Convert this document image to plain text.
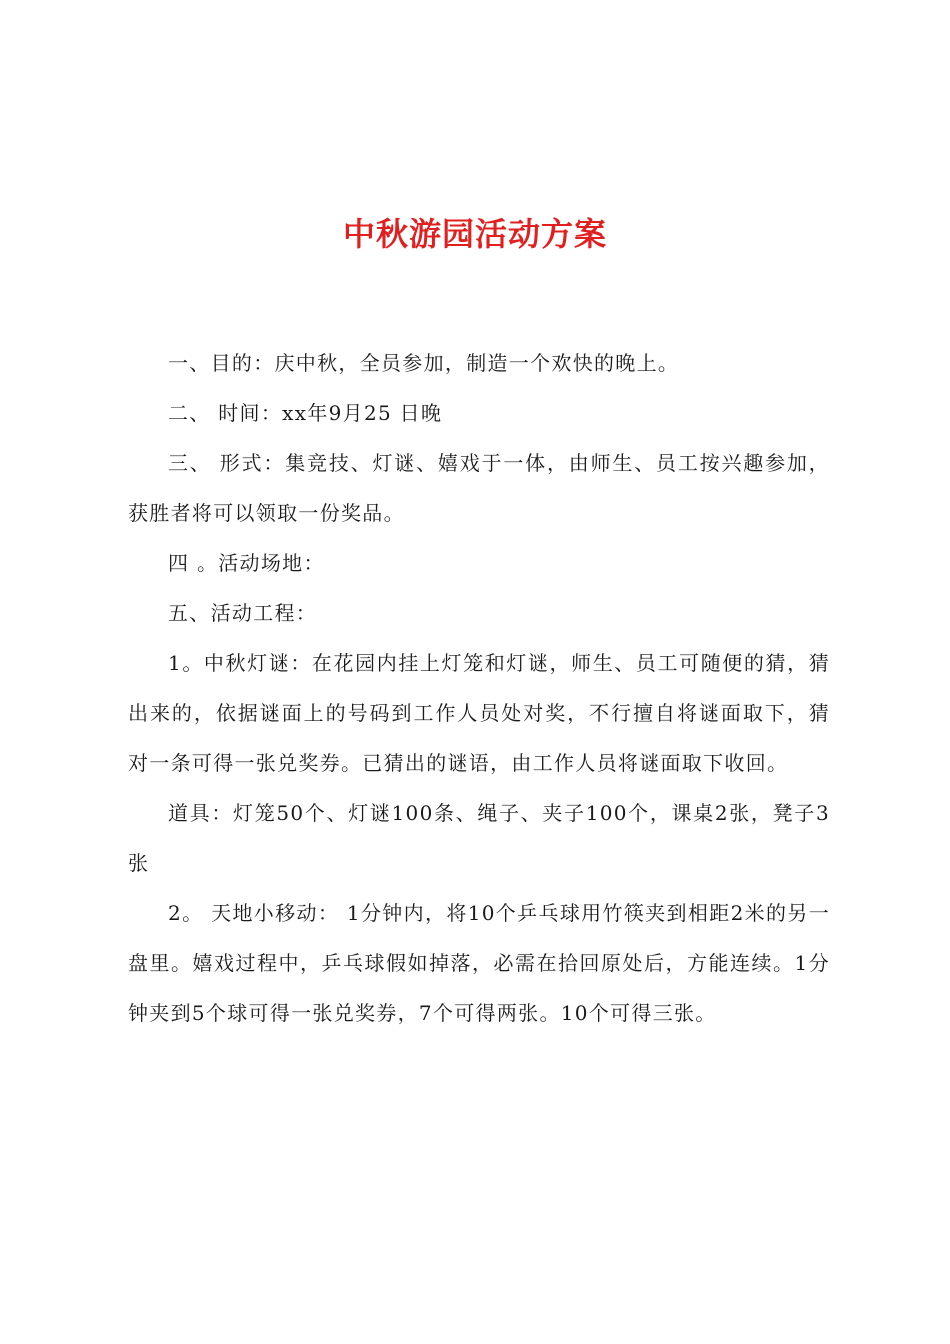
中秋游园活动方案

一、目的：庆中秋，全员参加，制造一个欢快的晚上。

二、 时间：xx年9月25 日晚

三、 形式：集竞技、灯谜、嬉戏于一体，由师生、员工按兴趣参加，获胜者将可以领取一份奖品。

四 。活动场地：

五、活动工程：

1。中秋灯谜：在花园内挂上灯笼和灯谜，师生、员工可随便的猜，猜出来的，依据谜面上的号码到工作人员处对奖，不行擅自将谜面取下，猜对一条可得一张兑奖券。已猜出的谜语，由工作人员将谜面取下收回。

道具：灯笼50个、灯谜100条、绳子、夹子100个，课桌2张，凳子3张

2。 天地小移动： 1分钟内，将10个乒乓球用竹筷夹到相距2米的另一盘里。嬉戏过程中，乒乓球假如掉落，必需在拾回原处后，方能连续。1分钟夹到5个球可得一张兑奖券，7个可得两张。10个可得三张。
